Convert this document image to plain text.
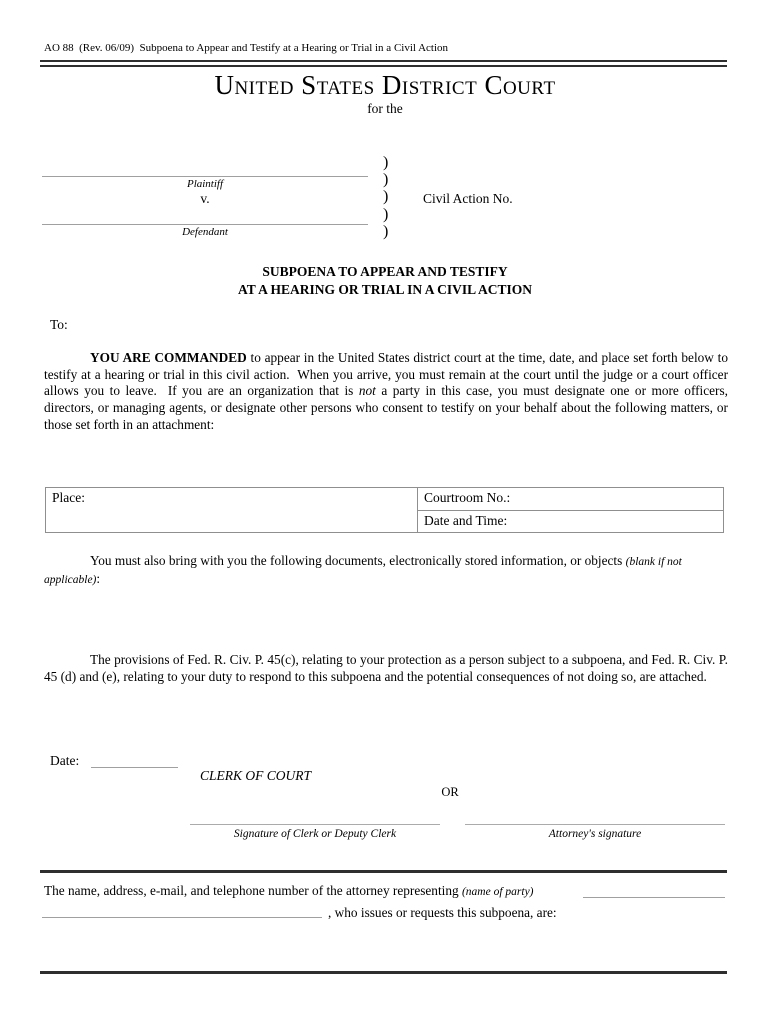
AO 88  (Rev. 06/09)  Subpoena to Appear and Testify at a Hearing or Trial in a Civil Action
United States District Court
for the
Plaintiff
v.
Defendant
)
)
)
)
)
Civil Action No.
SUBPOENA TO APPEAR AND TESTIFY
AT A HEARING OR TRIAL IN A CIVIL ACTION
To:
YOU ARE COMMANDED to appear in the United States district court at the time, date, and place set forth below to testify at a hearing or trial in this civil action.  When you arrive, you must remain at the court until the judge or a court officer allows you to leave.  If you are an organization that is not a party in this case, you must designate one or more officers, directors, or managing agents, or designate other persons who consent to testify on your behalf about the following matters, or those set forth in an attachment:
Place:	Courtroom No.:
Date and Time:
You must also bring with you the following documents, electronically stored information, or objects (blank if not applicable):
The provisions of Fed. R. Civ. P. 45(c), relating to your protection as a person subject to a subpoena, and Fed. R. Civ. P. 45 (d) and (e), relating to your duty to respond to this subpoena and the potential consequences of not doing so, are attached.
Date:
CLERK OF COURT
OR
Signature of Clerk or Deputy Clerk	Attorney's signature
The name, address, e-mail, and telephone number of the attorney representing (name of party)
, who issues or requests this subpoena, are:
